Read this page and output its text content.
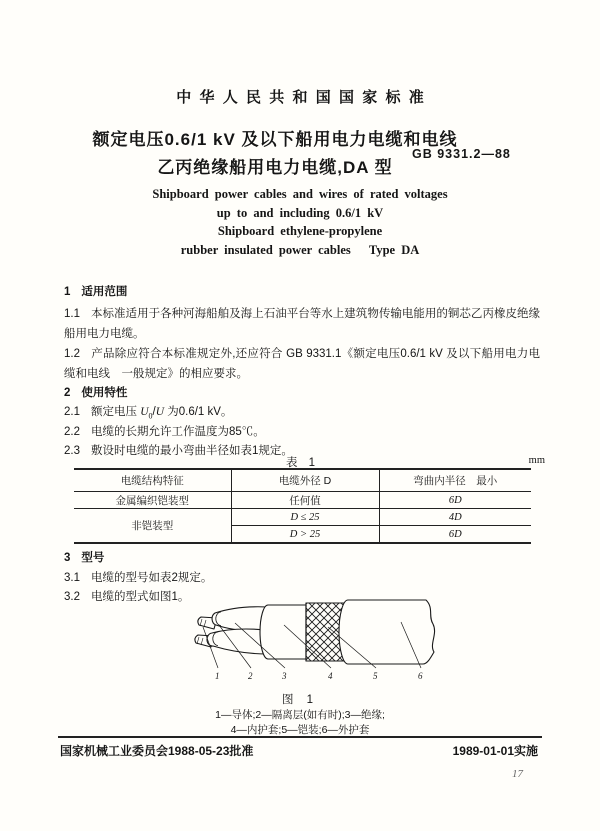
中华人民共和国国家标准
额定电压0.6/1 kV 及以下船用电力电缆和电线
乙丙绝缘船用电力电缆,DA 型
GB 9331.2—88
Shipboard power cables and wires of rated voltages
up to and including 0.6/1 kV
Shipboard ethylene-propylene
rubber insulated power cables   Type DA
1 适用范围
1.1 本标准适用于各种河海船舶及海上石油平台等水上建筑物传输电能用的铜芯乙丙橡皮绝缘船用电力电缆。
1.2 产品除应符合本标准规定外,还应符合 GB 9331.1《额定电压0.6/1 kV 及以下船用电力电缆和电线　一般规定》的相应要求。
2 使用特性
2.1 额定电压 $U_0/U$ 为0.6/1 kV。
2.2 电缆的长期允许工作温度为85℃。
2.3 敷设时电缆的最小弯曲半径如表1规定。
表 1	mm
电缆结构特征	电缆外径 D	弯曲内半径　最小
金属编织铠装型	任何值	6D
非铠装型	D ≤ 25	4D
	D > 25	6D
3 型号
3.1 电缆的型号如表2规定。
3.2 电缆的型式如图1。
1	2	3	4	5	6
图 1
1—导体;2—隔离层(如有时);3—绝缘;
4—内护套;5—铠装;6—外护套
国家机械工业委员会1988-05-23批准	1989-01-01实施
17
